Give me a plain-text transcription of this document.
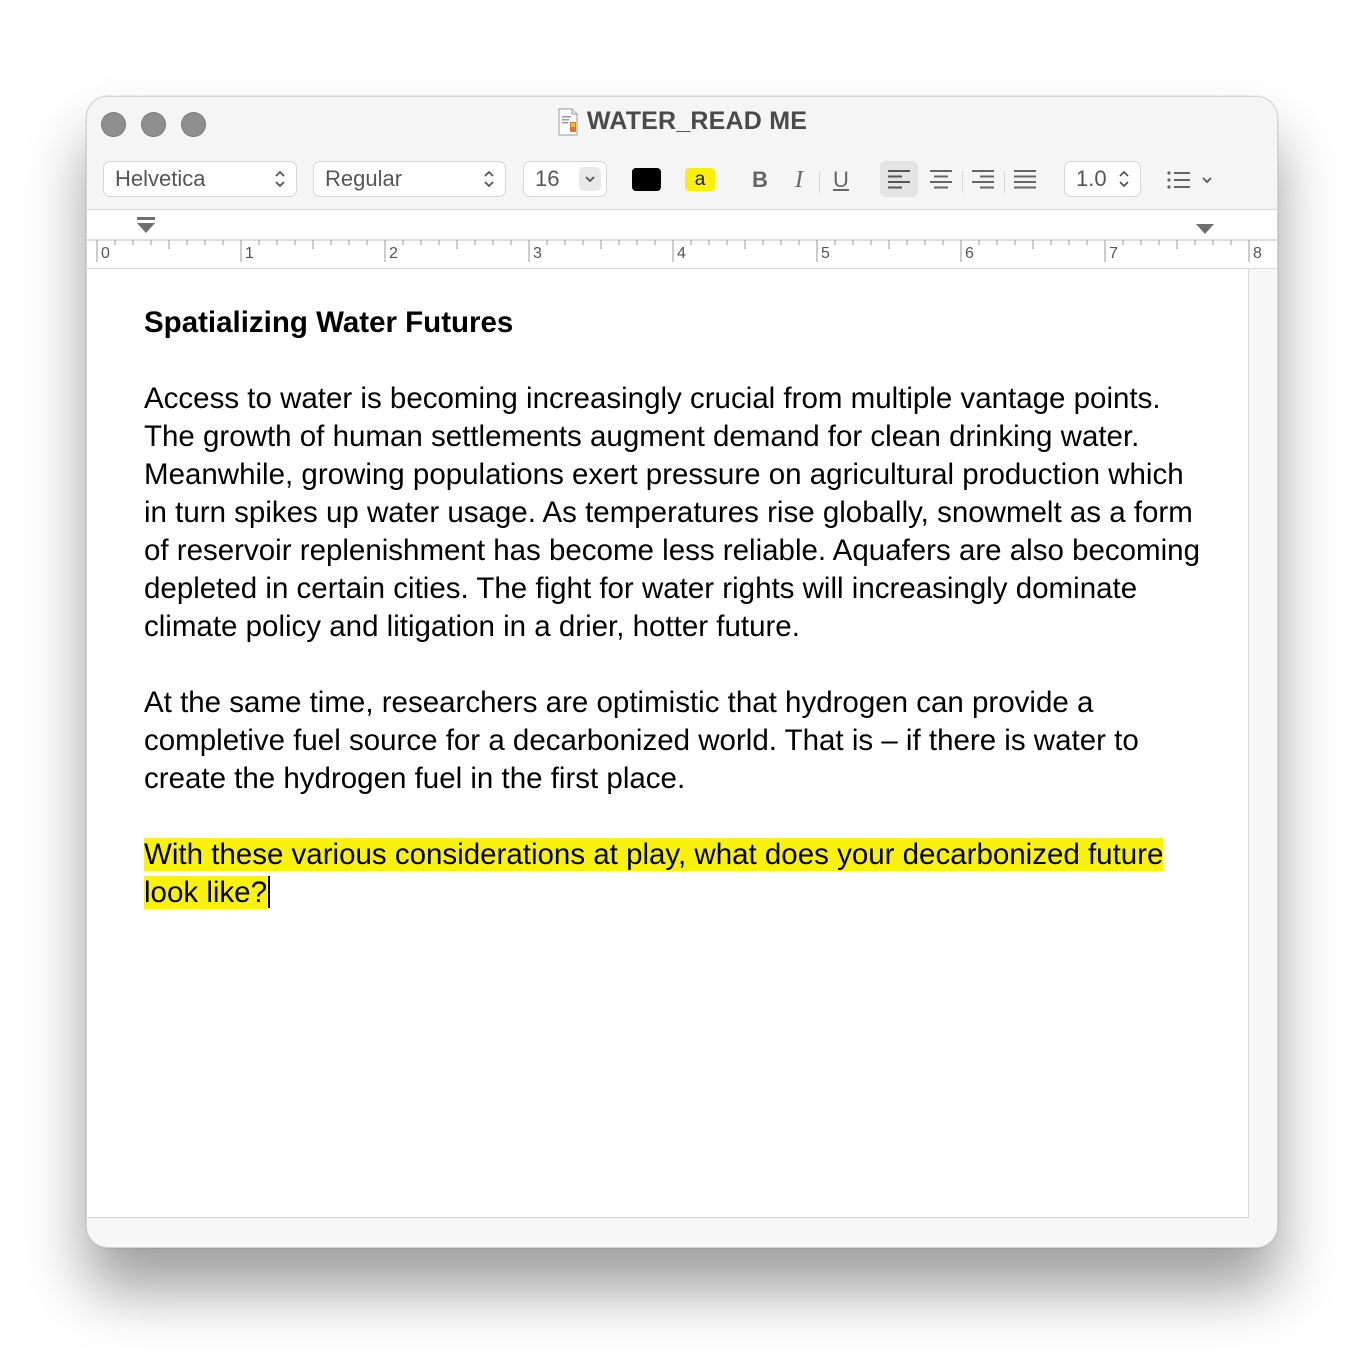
WATER_READ ME
Helvetica	Regular	16	a B	I	U	1.0
0	1	2	3	4	5	6	7	8

Spatializing Water Futures

Access to water is becoming increasingly crucial from multiple vantage points. The growth of human settlements augment demand for clean drinking water. Meanwhile, growing populations exert pressure on agricultural production which in turn spikes up water usage. As temperatures rise globally, snowmelt as a form of reservoir replenishment has become less reliable. Aquafers are also becoming depleted in certain cities. The fight for water rights will increasingly dominate climate policy and litigation in a drier, hotter future.

At the same time, researchers are optimistic that hydrogen can provide a completive fuel source for a decarbonized world. That is – if there is water to create the hydrogen fuel in the first place.

With these various considerations at play, what does your decarbonized future look like?
